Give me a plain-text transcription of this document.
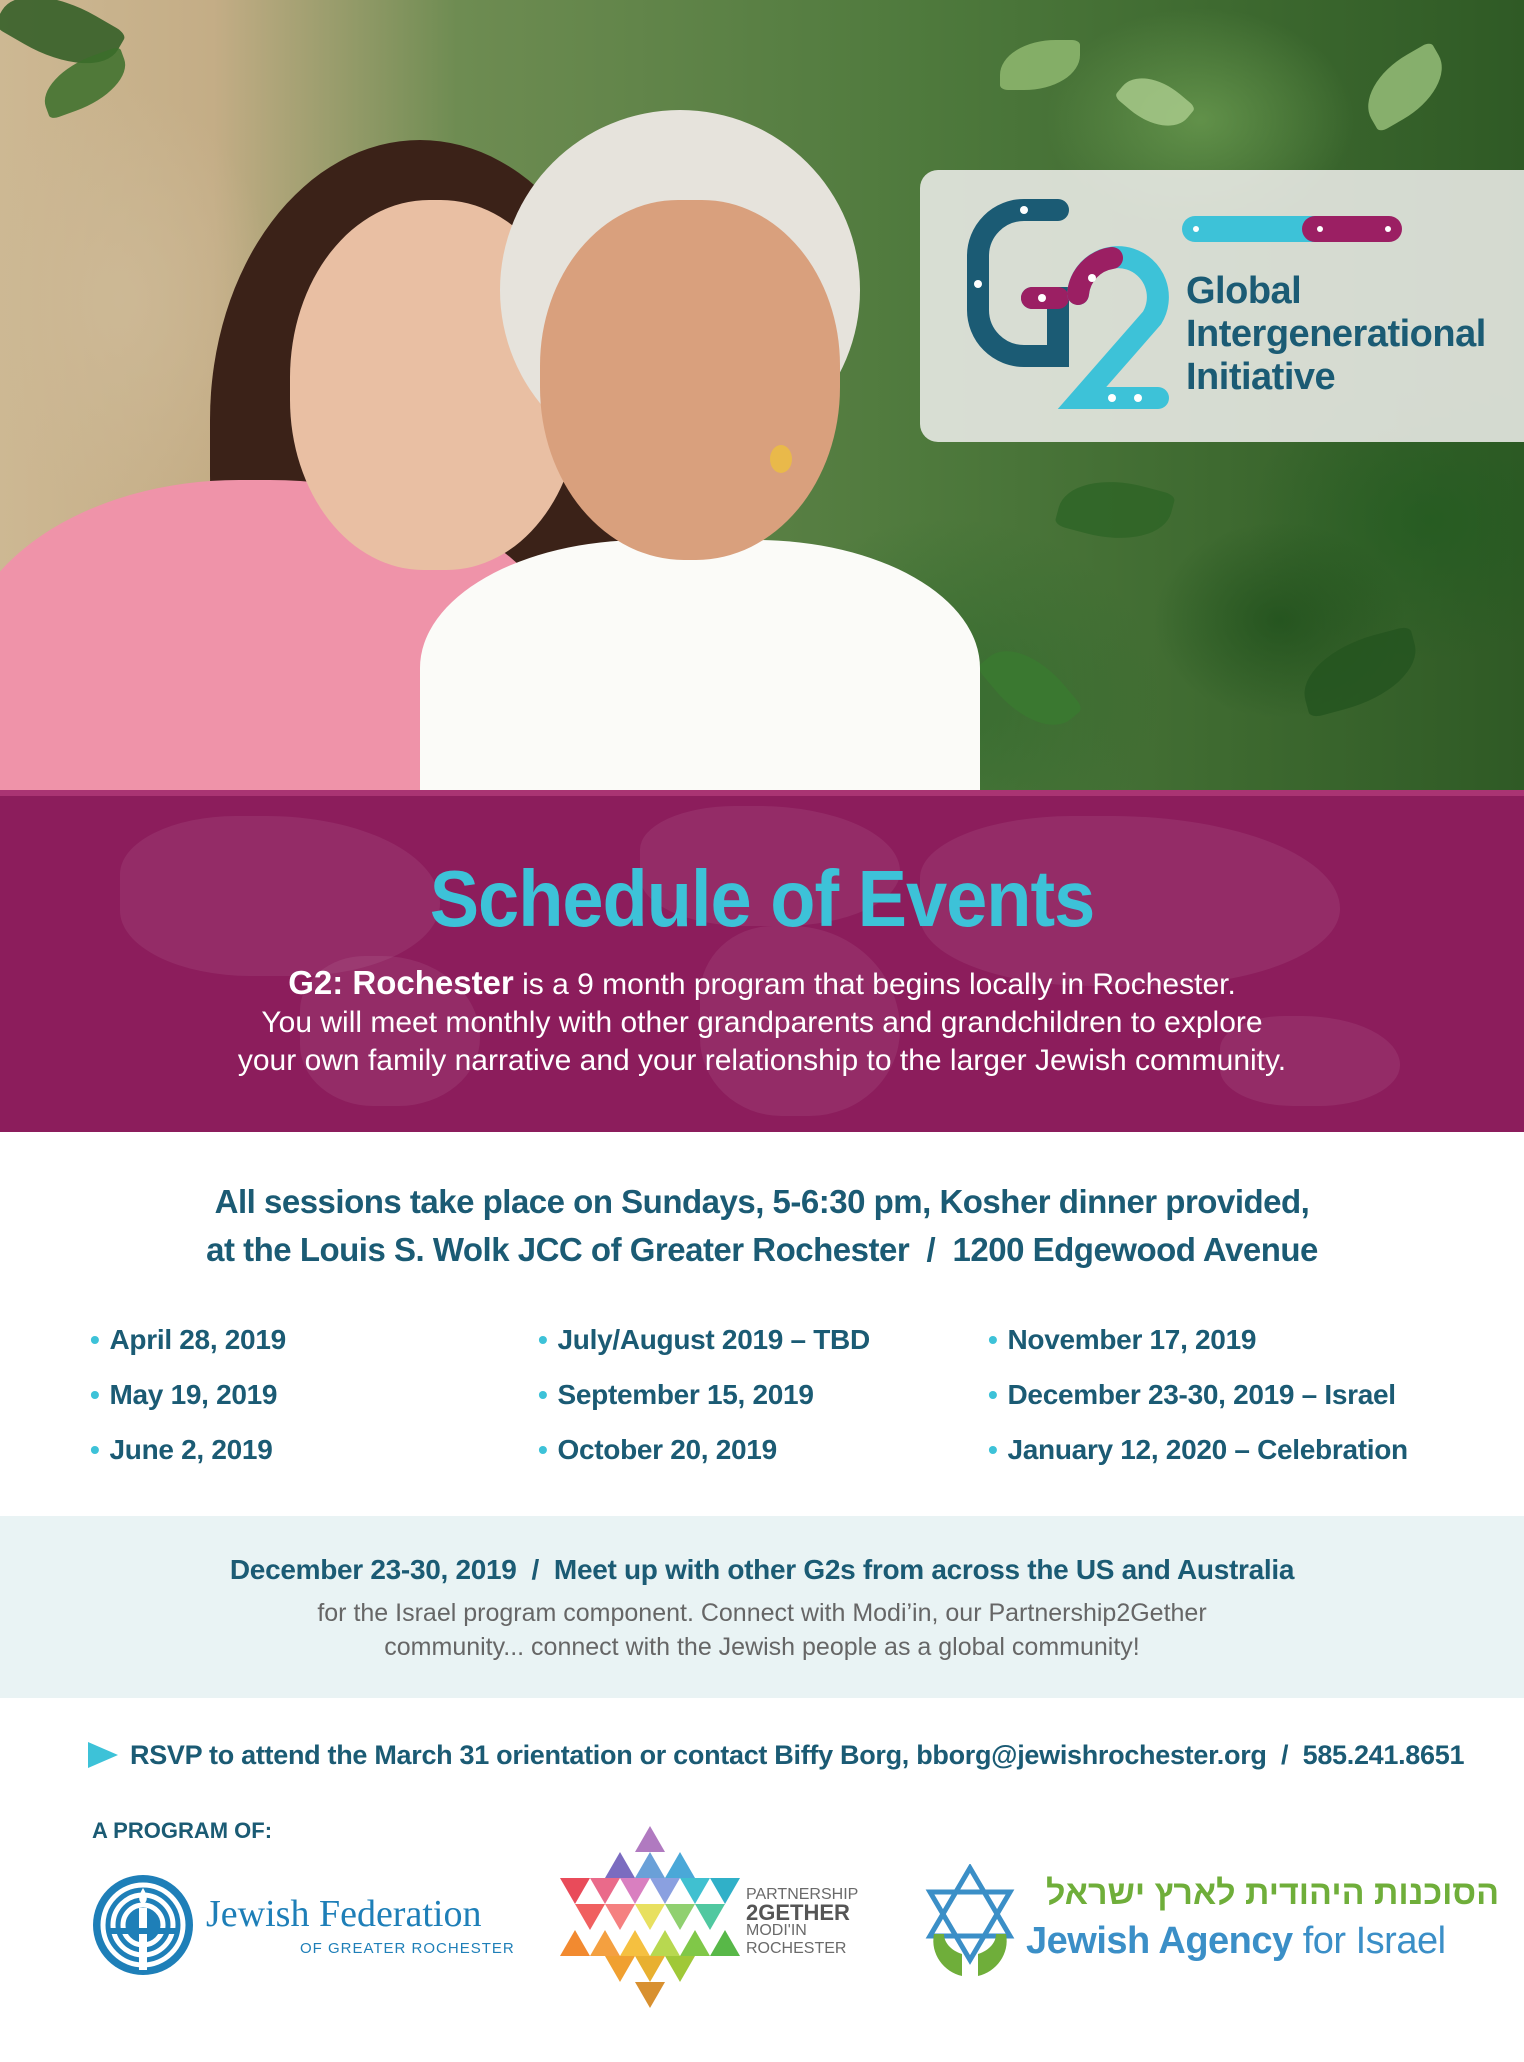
Global
Intergenerational
Initiative
Schedule of Events
G2: Rochester is a 9 month program that begins locally in Rochester.
You will meet monthly with other grandparents and grandchildren to explore
your own family narrative and your relationship to the larger Jewish community.
All sessions take place on Sundays, 5-6:30 pm, Kosher dinner provided,
at the Louis S. Wolk JCC of Greater Rochester  /  1200 Edgewood Avenue
• April 28, 2019
• May 19, 2019
• June 2, 2019
• July/August 2019 – TBD
• September 15, 2019
• October 20, 2019
• November 17, 2019
• December 23-30, 2019 – Israel
• January 12, 2020 – Celebration
December 23-30, 2019  /  Meet up with other G2s from across the US and Australia
for the Israel program component. Connect with Modi’in, our Partnership2Gether
community... connect with the Jewish people as a global community!
RSVP to attend the March 31 orientation or contact Biffy Borg, bborg@jewishrochester.org  /  585.241.8651
A PROGRAM OF:
Jewish Federation
OF GREATER ROCHESTER
PARTNERSHIP
2GETHER
MODI'IN
ROCHESTER
הסוכנות היהודית לארץ ישראל
Jewish Agency for Israel
